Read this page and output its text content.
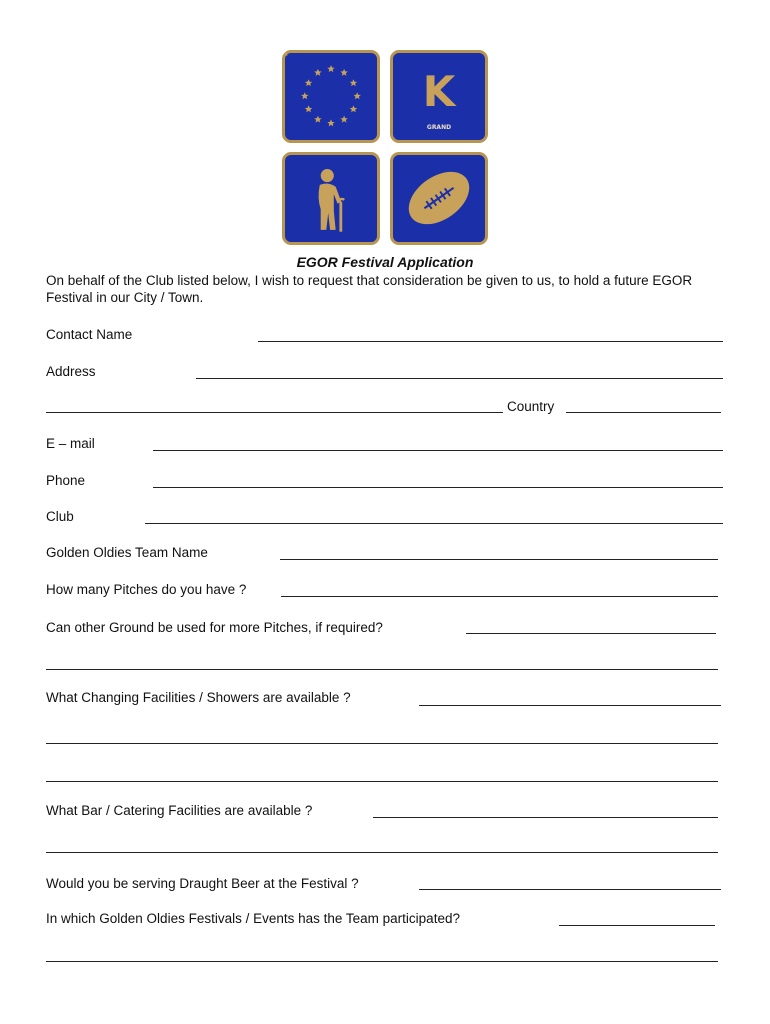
K
GRAND
EGOR Festival Application
On behalf of the Club listed below, I wish to request that consideration be given to us, to hold a future EGOR Festival in our City / Town.
Contact Name
Address
Country
E – mail
Phone
Club
Golden Oldies Team Name
How many Pitches do you have ?
Can other Ground be used for more Pitches, if required?
What Changing Facilities / Showers are available ?
What Bar / Catering Facilities are available ?
Would you be serving Draught Beer at the Festival ?
In which Golden Oldies Festivals / Events has the Team participated?
